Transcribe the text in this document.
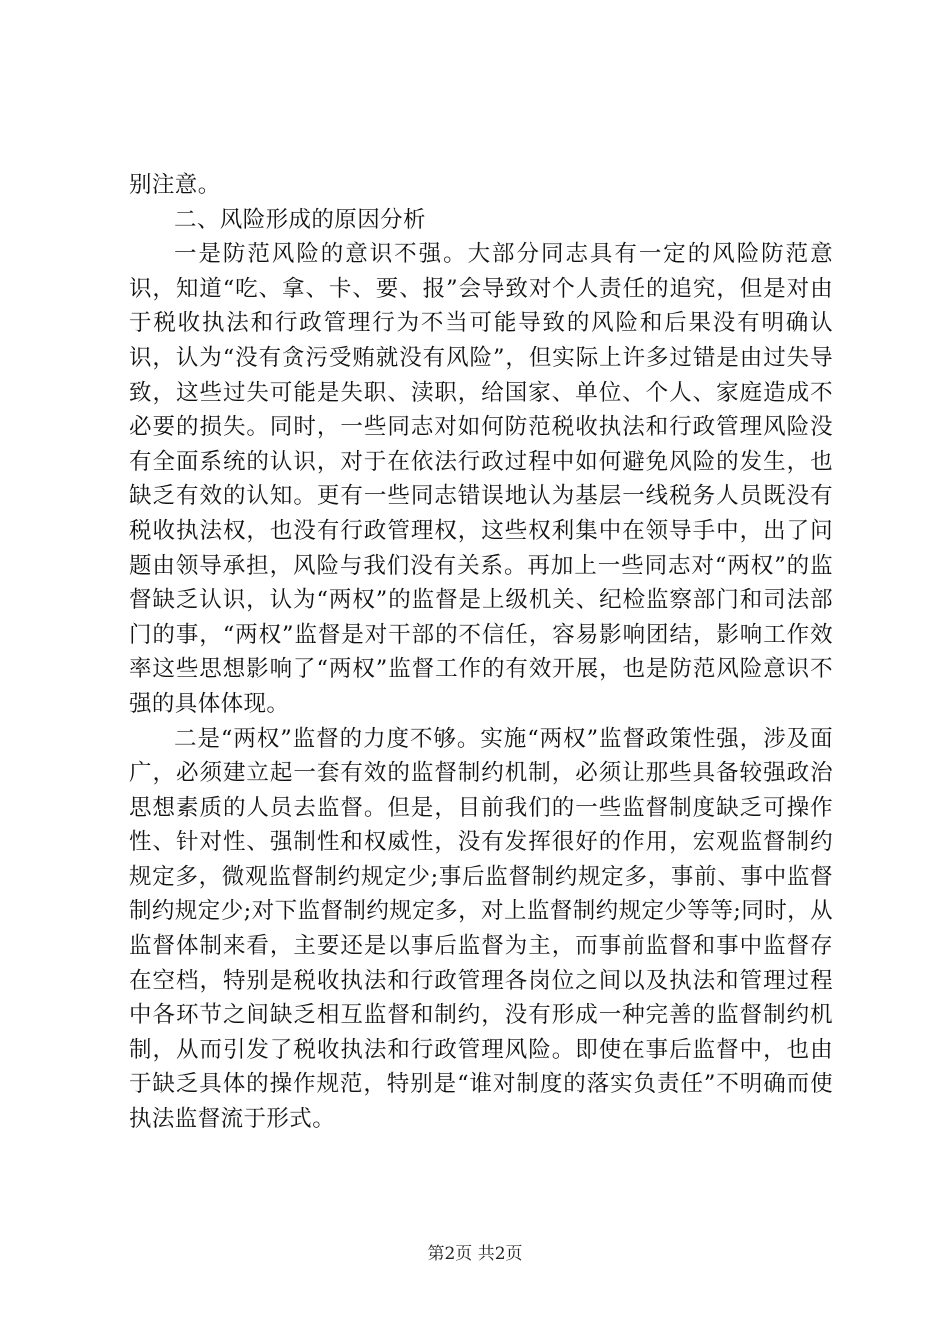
别注意。

二、风险形成的原因分析

一是防范风险的意识不强。大部分同志具有一定的风险防范意识，知道“吃、拿、卡、要、报”会导致对个人责任的追究，但是对由于税收执法和行政管理行为不当可能导致的风险和后果没有明确认识，认为“没有贪污受贿就没有风险”，但实际上许多过错是由过失导致，这些过失可能是失职、渎职，给国家、单位、个人、家庭造成不必要的损失。同时，一些同志对如何防范税收执法和行政管理风险没有全面系统的认识，对于在依法行政过程中如何避免风险的发生，也缺乏有效的认知。更有一些同志错误地认为基层一线税务人员既没有税收执法权，也没有行政管理权，这些权利集中在领导手中，出了问题由领导承担，风险与我们没有关系。再加上一些同志对“两权”的监督缺乏认识，认为“两权”的监督是上级机关、纪检监察部门和司法部门的事，“两权”监督是对干部的不信任，容易影响团结，影响工作效率这些思想影响了“两权”监督工作的有效开展，也是防范风险意识不强的具体体现。

二是“两权”监督的力度不够。实施“两权”监督政策性强，涉及面广，必须建立起一套有效的监督制约机制，必须让那些具备较强政治思想素质的人员去监督。但是，目前我们的一些监督制度缺乏可操作性、针对性、强制性和权威性，没有发挥很好的作用，宏观监督制约规定多，微观监督制约规定少;事后监督制约规定多，事前、事中监督制约规定少;对下监督制约规定多，对上监督制约规定少等等;同时，从监督体制来看，主要还是以事后监督为主，而事前监督和事中监督存在空档，特别是税收执法和行政管理各岗位之间以及执法和管理过程中各环节之间缺乏相互监督和制约，没有形成一种完善的监督制约机制，从而引发了税收执法和行政管理风险。即使在事后监督中，也由于缺乏具体的操作规范，特别是“谁对制度的落实负责任”不明确而使执法监督流于形式。

第2页 共2页
